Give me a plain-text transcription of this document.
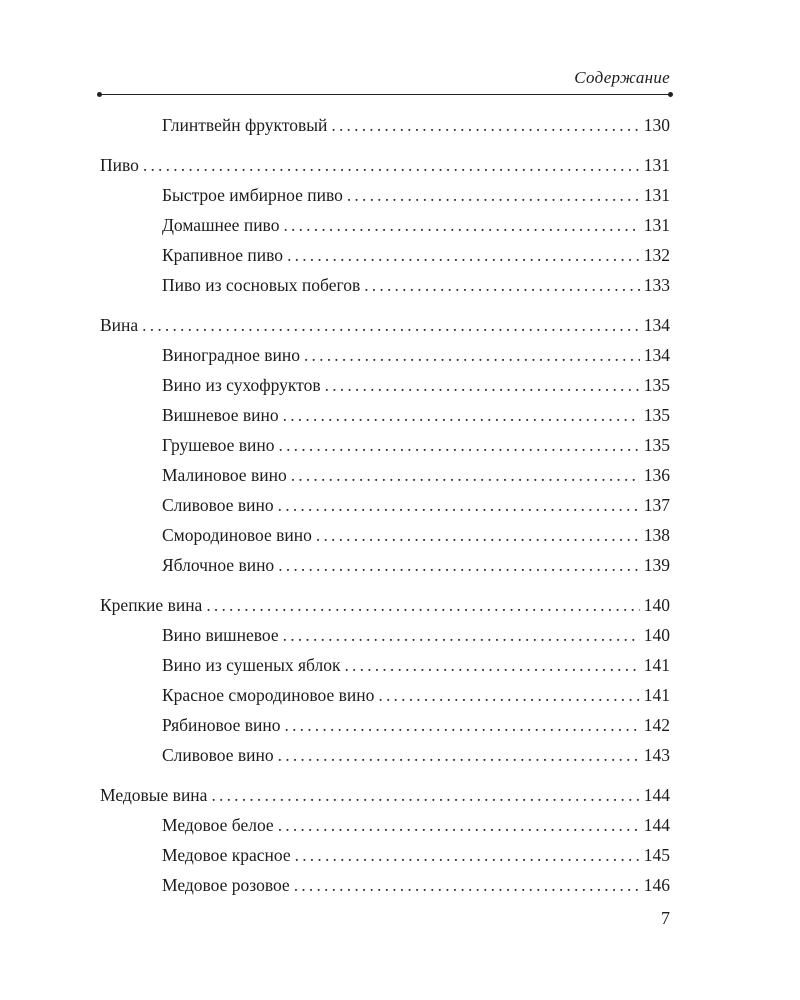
Содержание
Глинтвейн фруктовый .....	130
Пиво .....	131
Быстрое имбирное пиво .....	131
Домашнее пиво .....	131
Крапивное пиво .....	132
Пиво из сосновых побегов .....	133
Вина .....	134
Виноградное вино .....	134
Вино из сухофруктов .....	135
Вишневое вино .....	135
Грушевое вино .....	135
Малиновое вино .....	136
Сливовое вино .....	137
Смородиновое вино .....	138
Яблочное вино .....	139
Крепкие вина .....	140
Вино вишневое .....	140
Вино из сушеных яблок .....	141
Красное смородиновое вино .....	141
Рябиновое вино .....	142
Сливовое вино .....	143
Медовые вина .....	144
Медовое белое .....	144
Медовое красное .....	145
Медовое розовое .....	146
7
